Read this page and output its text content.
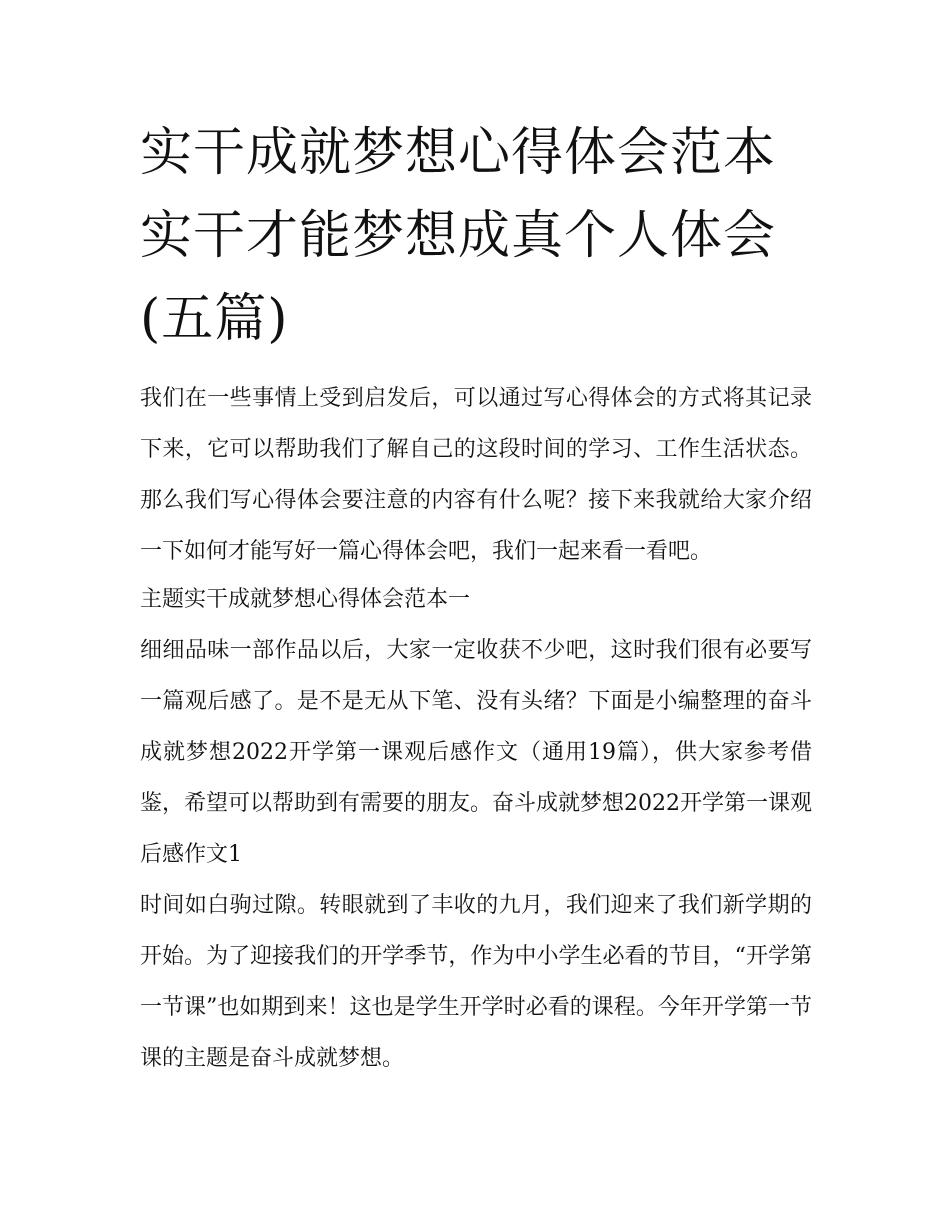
实干成就梦想心得体会范本 实干才能梦想成真个人体会(五篇)

我们在一些事情上受到启发后，可以通过写心得体会的方式将其记录下来，它可以帮助我们了解自己的这段时间的学习、工作生活状态。那么我们写心得体会要注意的内容有什么呢？接下来我就给大家介绍一下如何才能写好一篇心得体会吧，我们一起来看一看吧。

主题实干成就梦想心得体会范本一

细细品味一部作品以后，大家一定收获不少吧，这时我们很有必要写一篇观后感了。是不是无从下笔、没有头绪？下面是小编整理的奋斗成就梦想2022开学第一课观后感作文（通用19篇），供大家参考借鉴，希望可以帮助到有需要的朋友。奋斗成就梦想2022开学第一课观后感作文1

时间如白驹过隙。转眼就到了丰收的九月，我们迎来了我们新学期的开始。为了迎接我们的开学季节，作为中小学生必看的节目，“开学第一节课”也如期到来！这也是学生开学时必看的课程。今年开学第一节课的主题是奋斗成就梦想。
